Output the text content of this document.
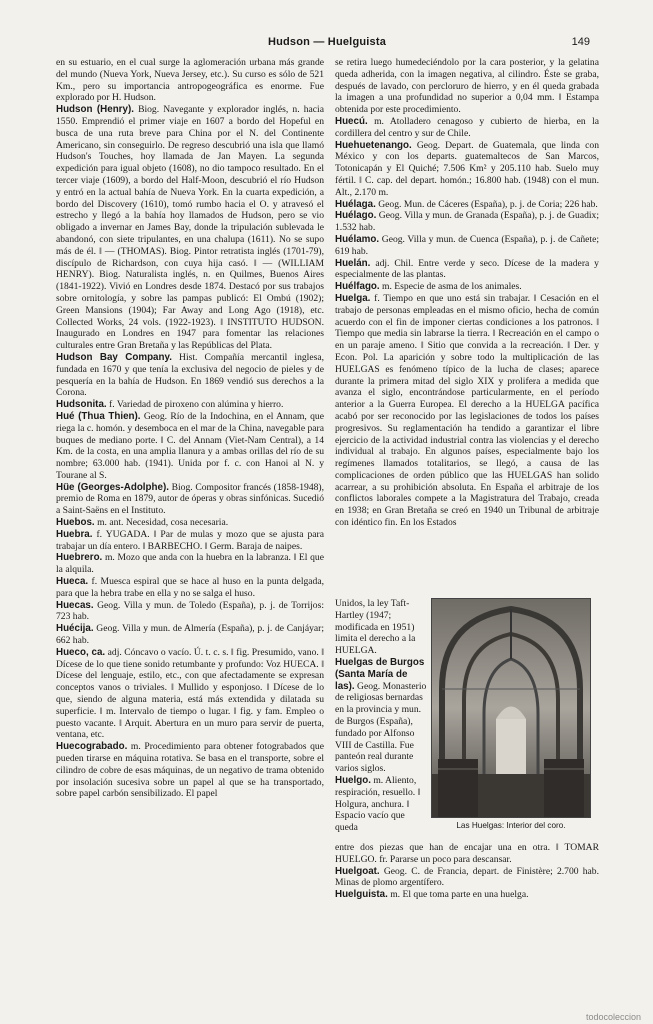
Hudson — Huelguista	149

en su estuario, en el cual surge la aglomeración urbana más grande del mundo (Nueva York, Nueva Jersey, etc.). Su curso es sólo de 521 Km., pero su importancia antropogeográfica es enorme. Fue explorado por H. Hudson.

Hudson (Henry). Biog. Navegante y explorador inglés, n. hacia 1550. Emprendió el primer viaje en 1607 a bordo del Hopeful en busca de una ruta breve para China por el N. del Continente Americano, sin conseguirlo. De regreso descubrió una isla que llamó Hudson's Touches, hoy llamada de Jan Mayen. La segunda expedición para igual objeto (1608), no dio tampoco resultado. En el tercer viaje (1609), a bordo del Half-Moon, descubrió el río Hudson y entró en la actual bahía de Nueva York. En la cuarta expedición, a bordo del Discovery (1610), tomó rumbo hacia el O. y atravesó el estrecho y llegó a la bahía hoy llamados de Hudson, pero se vio obligado a invernar en James Bay, donde la tripulación sublevada le abandonó, con siete tripulantes, en una chalupa (1611). No se supo más de él. ‖ — (THOMAS). Biog. Pintor retratista inglés (1701-79), discípulo de Richardson, con cuya hija casó. ‖ — (WILLIAM HENRY). Biog. Naturalista inglés, n. en Quilmes, Buenos Aires (1841-1922). Vivió en Londres desde 1874. Destacó por sus trabajos sobre ornitología, y sobre las pampas publicó: El Ombú (1902); Green Mansions (1904); Far Away and Long Ago (1918), etc. Collected Works, 24 vols. (1922-1923). ‖ INSTITUTO HUDSON. Inaugurado en Londres en 1947 para fomentar las relaciones culturales entre Gran Bretaña y las Repúblicas del Plata.

Hudson Bay Company. Hist. Compañía mercantil inglesa, fundada en 1670 y que tenía la exclusiva del negocio de pieles y de pesquería en la bahía de Hudson. En 1869 vendió sus derechos a la Corona.

Hudsonita. f. Variedad de piroxeno con alúmina y hierro.

Hué (Thua Thien). Geog. Río de la Indochina, en el Annam, que riega la c. homón. y desemboca en el mar de la China, navegable para buques de mediano porte. ‖ C. del Annam (Viet-Nam Central), a 14 Km. de la costa, en una amplia llanura y a ambas orillas del río de su nombre; 63.000 hab. (1941). Unida por f. c. con Hanoi al N. y Tourane al S.

Hüe (Georges-Adolphe). Biog. Compositor francés (1858-1948), premio de Roma en 1879, autor de óperas y obras sinfónicas. Sucedió a Saint-Saëns en el Instituto.

Huebos. m. ant. Necesidad, cosa necesaria.

Huebra. f. YUGADA. ‖ Par de mulas y mozo que se ajusta para trabajar un día entero. ‖ BARBECHO. ‖ Germ. Baraja de naipes.

Huebrero. m. Mozo que anda con la huebra en la labranza. ‖ El que la alquila.

Hueca. f. Muesca espiral que se hace al huso en la punta delgada, para que la hebra trabe en ella y no se salga el huso.

Huecas. Geog. Villa y mun. de Toledo (España), p. j. de Torrijos: 723 hab.

Huécija. Geog. Villa y mun. de Almería (España), p. j. de Canjáyar; 662 hab.

Hueco, ca. adj. Cóncavo o vacío. Ú. t. c. s. ‖ fig. Presumido, vano. ‖ Dícese de lo que tiene sonido retumbante y profundo: Voz HUECA. ‖ Dícese del lenguaje, estilo, etc., con que afectadamente se expresan conceptos vanos o triviales. ‖ Mullido y esponjoso. ‖ Dícese de lo que, siendo de alguna materia, está más extendida y dilatada su superficie. ‖ m. Intervalo de tiempo o lugar. ‖ fig. y fam. Empleo o puesto vacante. ‖ Arquit. Abertura en un muro para servir de puerta, ventana, etc.

Huecograbado. m. Procedimiento para obtener fotograbados que pueden tirarse en máquina rotativa. Se basa en el transporte, sobre el cilindro de cobre de esas máquinas, de un negativo de trama obtenido por insolación sucesiva sobre un papel al que se ha transportado, sobre papel carbón sensibilizado. El papel

se retira luego humedeciéndolo por la cara posterior, y la gelatina queda adherida, con la imagen negativa, al cilindro. Éste se graba, después de lavado, con percloruro de hierro, y en él queda grabada la imagen a una profundidad no superior a 0,04 mm. ‖ Estampa obtenida por este procedimiento.

Huecú. m. Atolladero cenagoso y cubierto de hierba, en la cordillera del centro y sur de Chile.

Huehuetenango. Geog. Depart. de Guatemala, que linda con México y con los departs. guatemaltecos de San Marcos, Totonicapán y El Quiché; 7.506 Km² y 205.110 hab. Suelo muy fértil. ‖ C. cap. del depart. homón.; 16.800 hab. (1948) con el mun. Alt., 2.170 m.

Huélaga. Geog. Mun. de Cáceres (España), p. j. de Coria; 226 hab.

Huélago. Geog. Villa y mun. de Granada (España), p. j. de Guadix; 1.532 hab.

Huélamo. Geog. Villa y mun. de Cuenca (España), p. j. de Cañete; 619 hab.

Huelán. adj. Chil. Entre verde y seco. Dícese de la madera y especialmente de las plantas.

Huélfago. m. Especie de asma de los animales.

Huelga. f. Tiempo en que uno está sin trabajar. ‖ Cesación en el trabajo de personas empleadas en el mismo oficio, hecha de común acuerdo con el fin de imponer ciertas condiciones a los patronos. ‖ Tiempo que media sin labrarse la tierra. ‖ Recreación en el campo o en un paraje ameno. ‖ Sitio que convida a la recreación. ‖ Der. y Econ. Pol. La aparición y sobre todo la multiplicación de las HUELGAS es fenómeno típico de la lucha de clases; aparece durante la primera mitad del siglo XIX y prolifera a medida que avanza el siglo, encontrándose particularmente, en el período anterior a la Guerra Europea. El derecho a la HUELGA pacífica acabó por ser reconocido por las legislaciones de todos los países progresivos. Su reglamentación ha tendido a garantizar el libre ejercicio de la actividad industrial contra las violencias y el derecho individual al trabajo. En algunos países, especialmente bajo los regímenes llamados totalitarios, se llegó, a causa de las complicaciones de orden público que las HUELGAS han solido acarrear, a su prohibición absoluta. En España el arbitraje de los conflictos laborales compete a la Magistratura del Trabajo, creada en 1938; en Gran Bretaña se creó en 1940 un Tribunal de arbitraje con idéntico fin. En los Estados

Unidos, la ley Taft-Hartley (1947; modificada en 1951) limita el derecho a la HUELGA.
Huelgas de Burgos (Santa María de las). Geog. Monasterio de religiosas bernardas en la provincia y mun. de Burgos (España), fundado por Alfonso VIII de Castilla. Fue panteón real durante varios siglos.
Huelgo. m. Aliento, respiración, resuello. ‖ Holgura, anchura. ‖ Espacio vacío que queda	Las Huelgas: Interior del coro.

entre dos piezas que han de encajar una en otra. ‖ TOMAR HUELGO. fr. Pararse un poco para descansar.

Huelgoat. Geog. C. de Francia, depart. de Finistère; 2.700 hab. Minas de plomo argentífero.

Huelguista. m. El que toma parte en una huelga.

todocoleccion
